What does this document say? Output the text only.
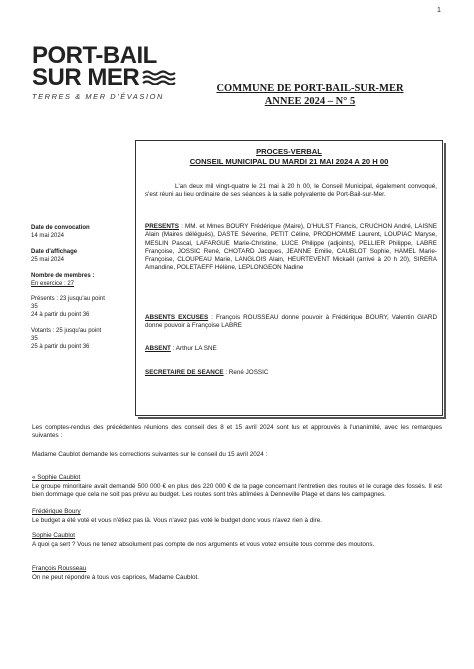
1
PORT-BAIL
SUR MER
TERRES & MER D'ÉVASION
COMMUNE DE PORT-BAIL-SUR-MER
ANNEE 2024 – N° 5
PROCES-VERBAL
CONSEIL MUNICIPAL DU MARDI 21 MAI 2024 A 20 H 00
Date de convocation
14 mai 2024
Date d'affichage
25 mai 2024
Nombre de membres :
En exercice : 27
Présents : 23 jusqu'au point
35
24 à partir du point 36
Votants : 25 jusqu'au point
35
25 à partir du point 36
L'an deux mil vingt-quatre le 21 mai à 20 h 00, le Conseil Municipal, également convoqué, s'est réuni au lieu ordinaire de ses séances à la salle polyvalente de Port-Bail-sur-Mer.
PRESENTS : MM. et Mmes BOURY Frédérique (Maire), D'HULST Francis, CRUCHON André, LAISNE Alain (Maires délégués), DASTE Séverine, PETIT Céline, PRODHOMME Laurent, LOUPIAC Maryse, MESLIN Pascal, LAFARGUE Marie-Christine, LUCE Philippe (adjoints), PELLIER Philippe, LABRE Françoise, JOSSIC René, CHOTARD Jacques, JEANNE Emilie, CAUBLOT Sophie, HAMEL Marie-Françoise, CLOUPEAU Marie, LANGLOIS Alain, HEURTEVENT Mickaël (arrivé à 20 h 20), SIRERA Amandine, POLETAEFF Hélène, LEPLONGEON Nadine
ABSENTS EXCUSES : François ROUSSEAU donne pouvoir à Frédérique BOURY, Valentin GIARD donne pouvoir à Françoise LABRE
ABSENT : Arthur LA SNE
SECRETAIRE DE SEANCE : René JOSSIC
Les comptes-rendus des précédentes réunions des conseil des 8 et 15 avril 2024 sont lus et approuvés à l'unanimité, avec les remarques suivantes :
Madame Caublot demande les corrections suivantes sur le conseil du 15 avril 2024 :
« Sophie Caublot
Le groupe minoritaire avait demandé 500 000 € en plus des 220 000 € de la page concernant l'entretien des routes et le curage des fossés. Il est bien dommage que cela ne soit pas prévu au budget. Les routes sont très abîmées à Denneville Plage et dans les campagnes.
Frédérique Boury
Le budget a été voté et vous n'étiez pas là. Vous n'avez pas voté le budget donc vous n'avez rien à dire.
Sophie Caublot
A quoi ça sert ? Vous ne tenez absolument pas compte de nos arguments et vous votez ensuite tous comme des moutons.
François Rousseau
On ne peut répondre à tous vos caprices, Madame Caublot.
